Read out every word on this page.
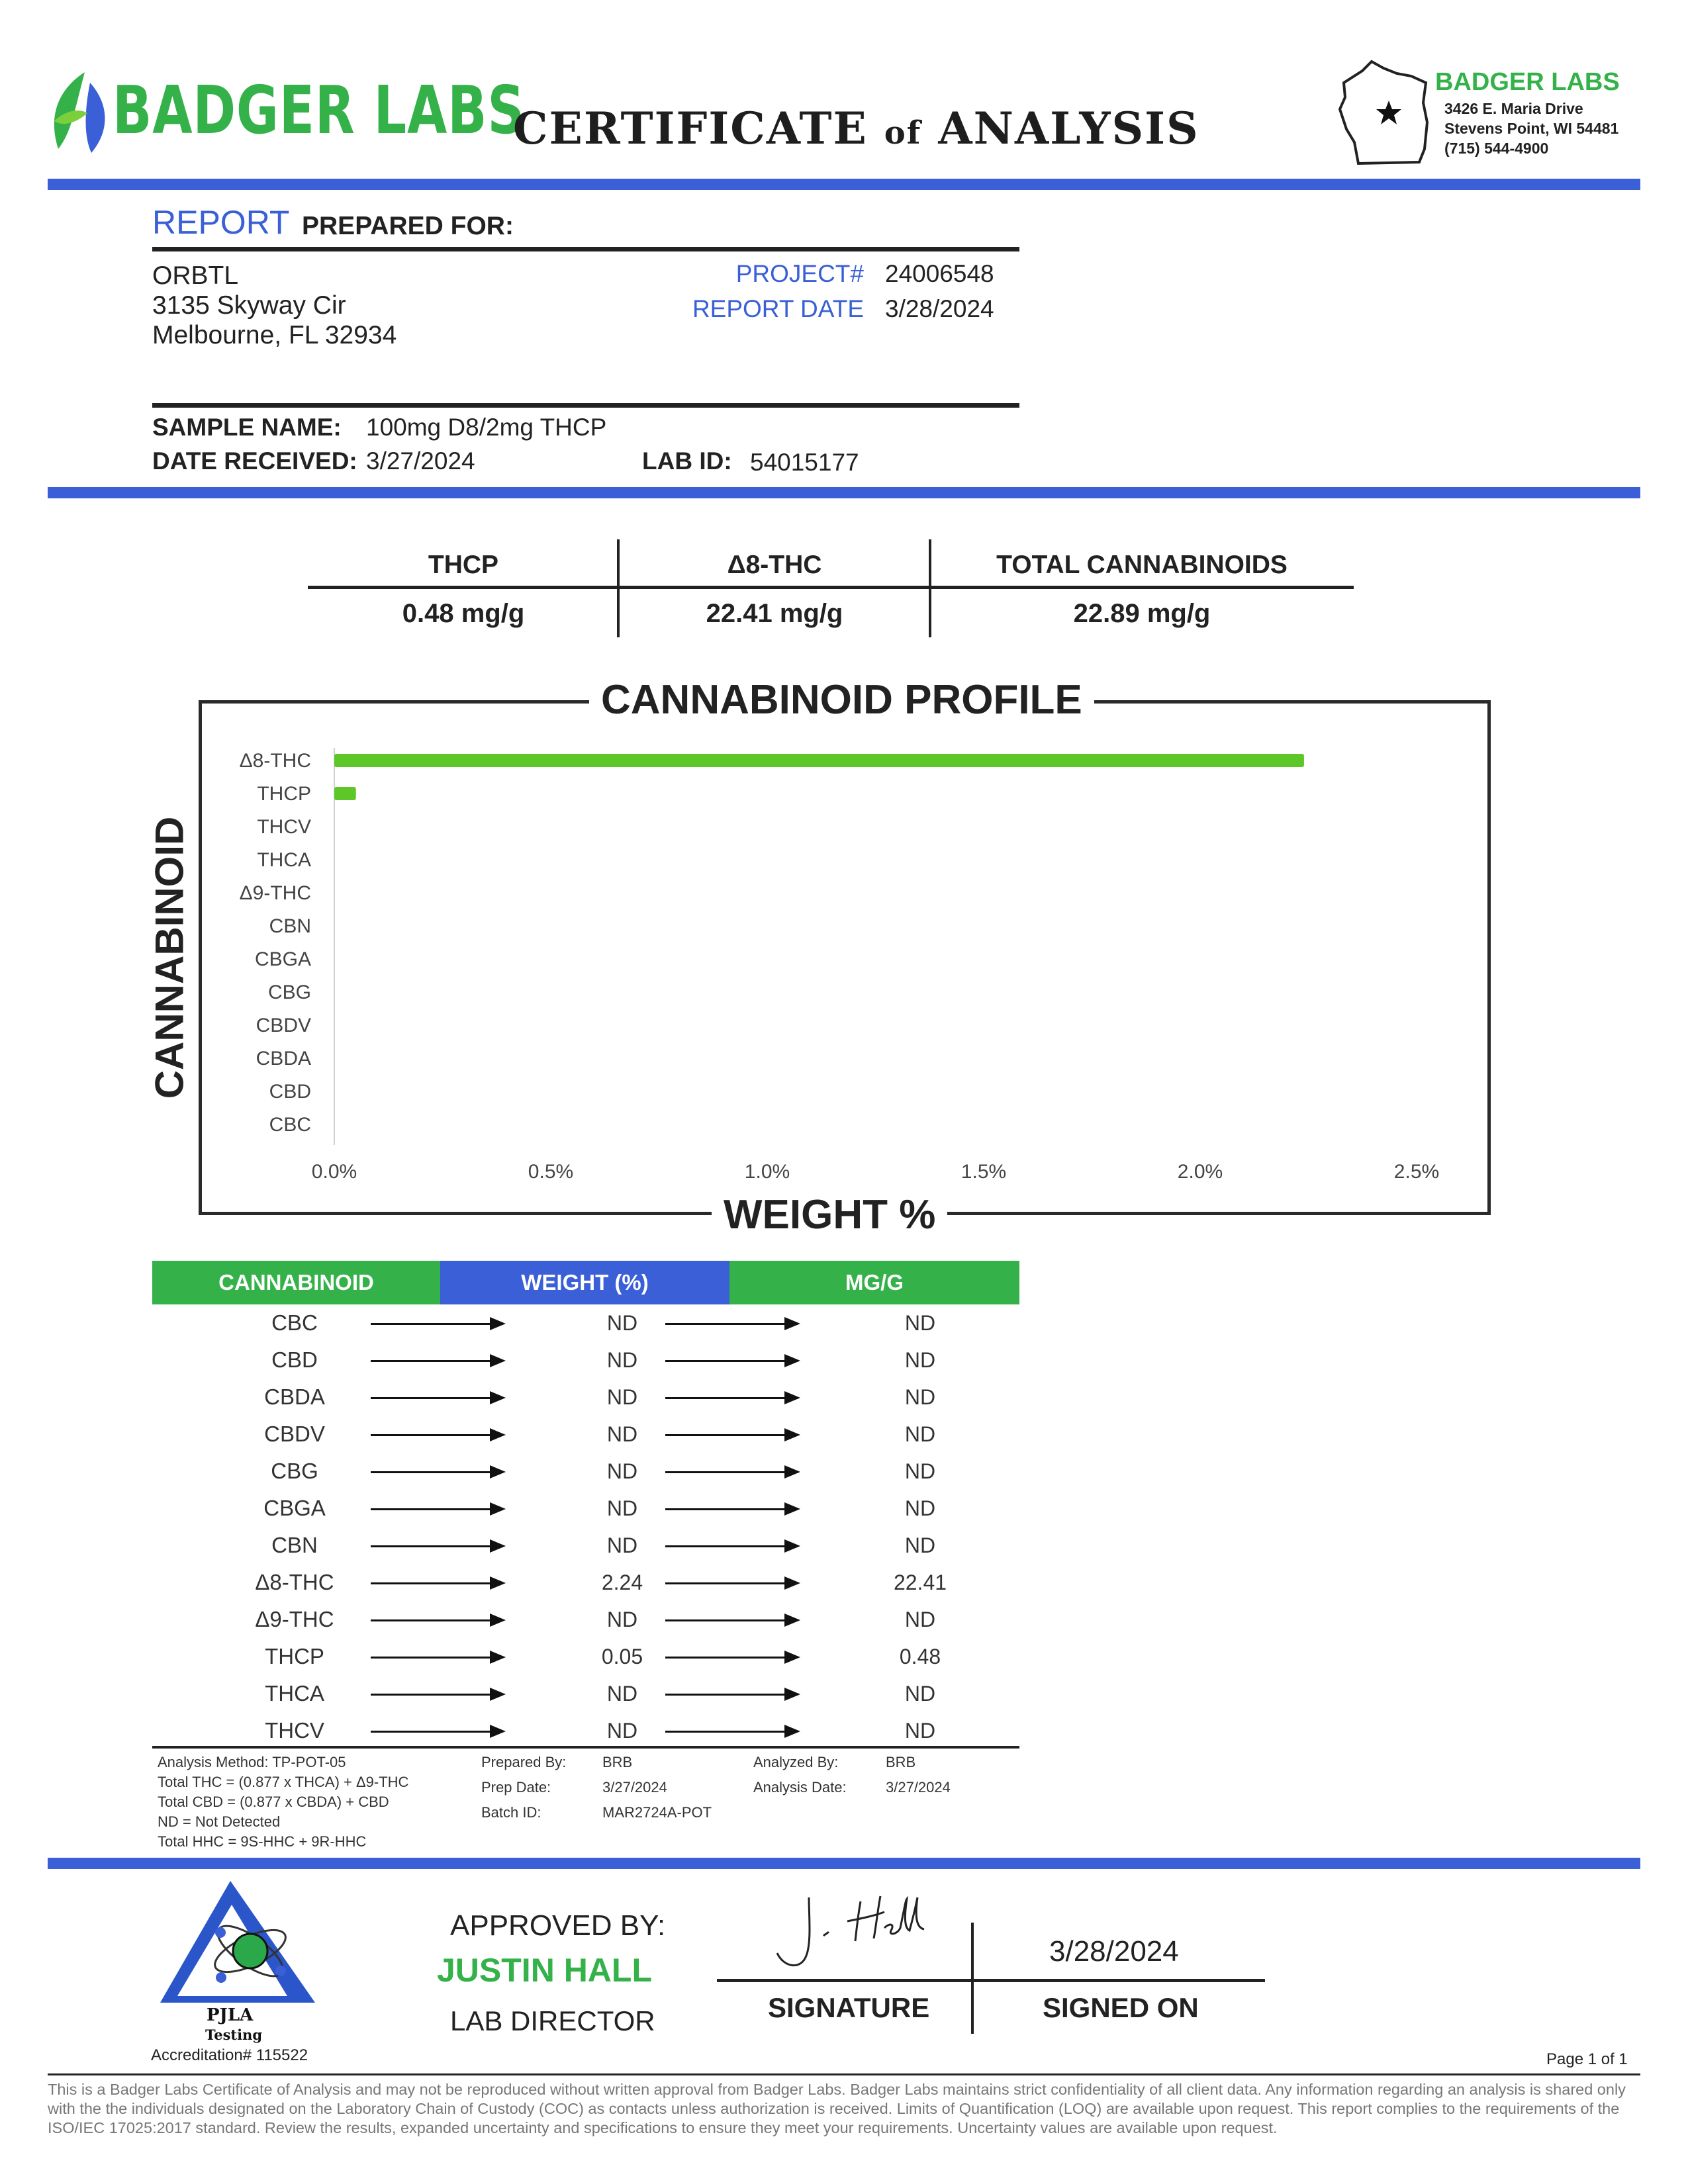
BADGER LABS
CERTIFICATE of ANALYSIS
BADGER LABS
3426 E. Maria Drive
Stevens Point, WI 54481
(715) 544-4900
REPORT PREPARED FOR:
ORBTL
3135 Skyway Cir
Melbourne, FL 32934
PROJECT# 24006548
REPORT DATE 3/28/2024
SAMPLE NAME: 100mg D8/2mg THCP
DATE RECEIVED: 3/27/2024	LAB ID: 54015177
THCP	Δ8-THC	TOTAL CANNABINOIDS
0.48 mg/g	22.41 mg/g	22.89 mg/g
CANNABINOID PROFILE
WEIGHT %
CANNABINOID
Δ8-THC
THCP
THCV
THCA
Δ9-THC
CBN
CBGA
CBG
CBDV
CBDA
CBD
CBC
0.0%	0.5%	1.0%	1.5%	2.0%	2.5%
CANNABINOID	WEIGHT (%)	MG/G
CBC	ND	ND
CBD	ND	ND
CBDA	ND	ND
CBDV	ND	ND
CBG	ND	ND
CBGA	ND	ND
CBN	ND	ND
Δ8-THC	2.24	22.41
Δ9-THC	ND	ND
THCP	0.05	0.48
THCA	ND	ND
THCV	ND	ND
Analysis Method: TP-POT-05
Total THC = (0.877 x THCA) + Δ9-THC
Total CBD = (0.877 x CBDA) + CBD
ND = Not Detected
Total HHC = 9S-HHC + 9R-HHC
Prepared By: BRB
Prep Date:	3/27/2024
Batch ID:	MAR2724A-POT
Analyzed By:	BRB
Analysis Date:	3/27/2024
PJLA
Testing
Accreditation# 115522
APPROVED BY:
JUSTIN HALL
LAB DIRECTOR
3/28/2024
SIGNATURE	SIGNED ON
Page 1 of 1
This is a Badger Labs Certificate of Analysis and may not be reproduced without written approval from Badger Labs. Badger Labs maintains strict confidentiality of all client data. Any information regarding an analysis is shared only with the the individuals designated on the Laboratory Chain of Custody (COC) as contacts unless authorization is received. Limits of Quantification (LOQ) are available upon request. This report complies to the requirements of the ISO/IEC 17025:2017 standard. Review the results, expanded uncertainty and specifications to ensure they meet your requirements. Uncertainty values are available upon request.
